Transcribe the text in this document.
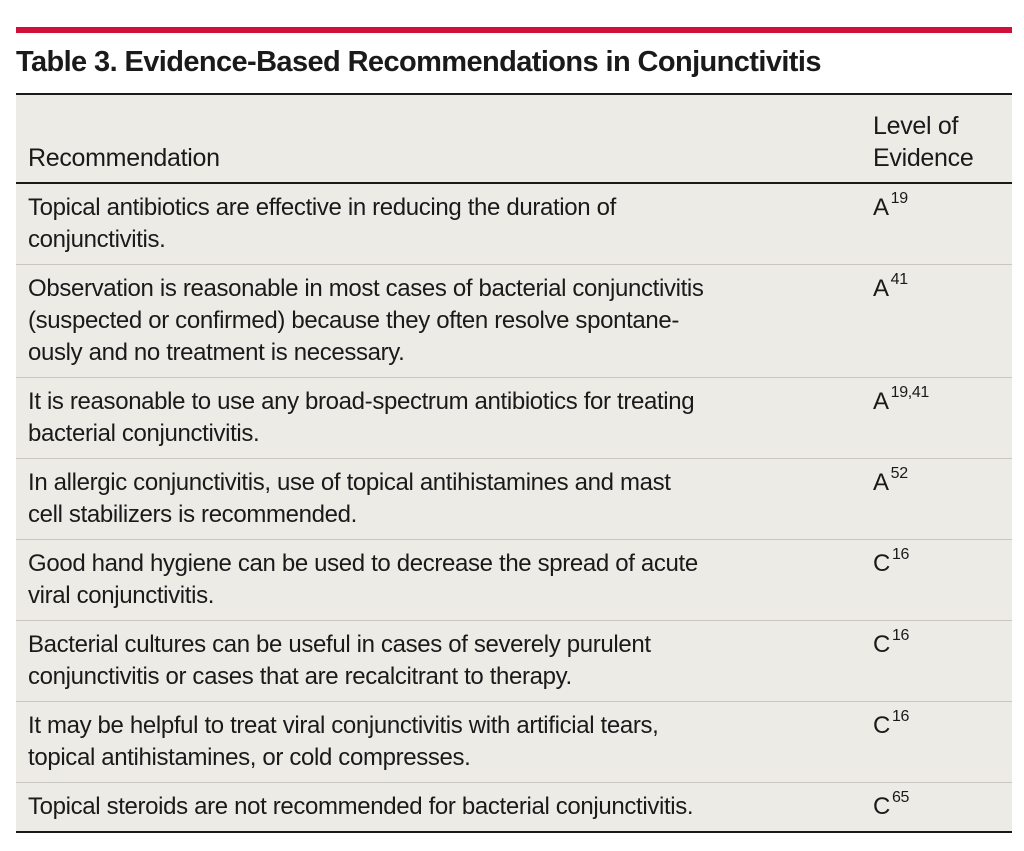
Table 3. Evidence-Based Recommendations in Conjunctivitis
Recommendation	Level of
Evidence

Topical antibiotics are effective in reducing the duration of
conjunctivitis.	A $^{19}$

Observation is reasonable in most cases of bacterial conjunctivitis
(suspected or confirmed) because they often resolve spontane-
ously and no treatment is necessary.	A $^{41}$

It is reasonable to use any broad-spectrum antibiotics for treating
bacterial conjunctivitis.	A $^{19,41}$

In allergic conjunctivitis, use of topical antihistamines and mast
cell stabilizers is recommended.	A $^{52}$

Good hand hygiene can be used to decrease the spread of acute
viral conjunctivitis.	C $^{16}$

Bacterial cultures can be useful in cases of severely purulent
conjunctivitis or cases that are recalcitrant to therapy.	C $^{16}$

It may be helpful to treat viral conjunctivitis with artificial tears,
topical antihistamines, or cold compresses.	C $^{16}$

Topical steroids are not recommended for bacterial conjunctivitis.	C $^{65}$
